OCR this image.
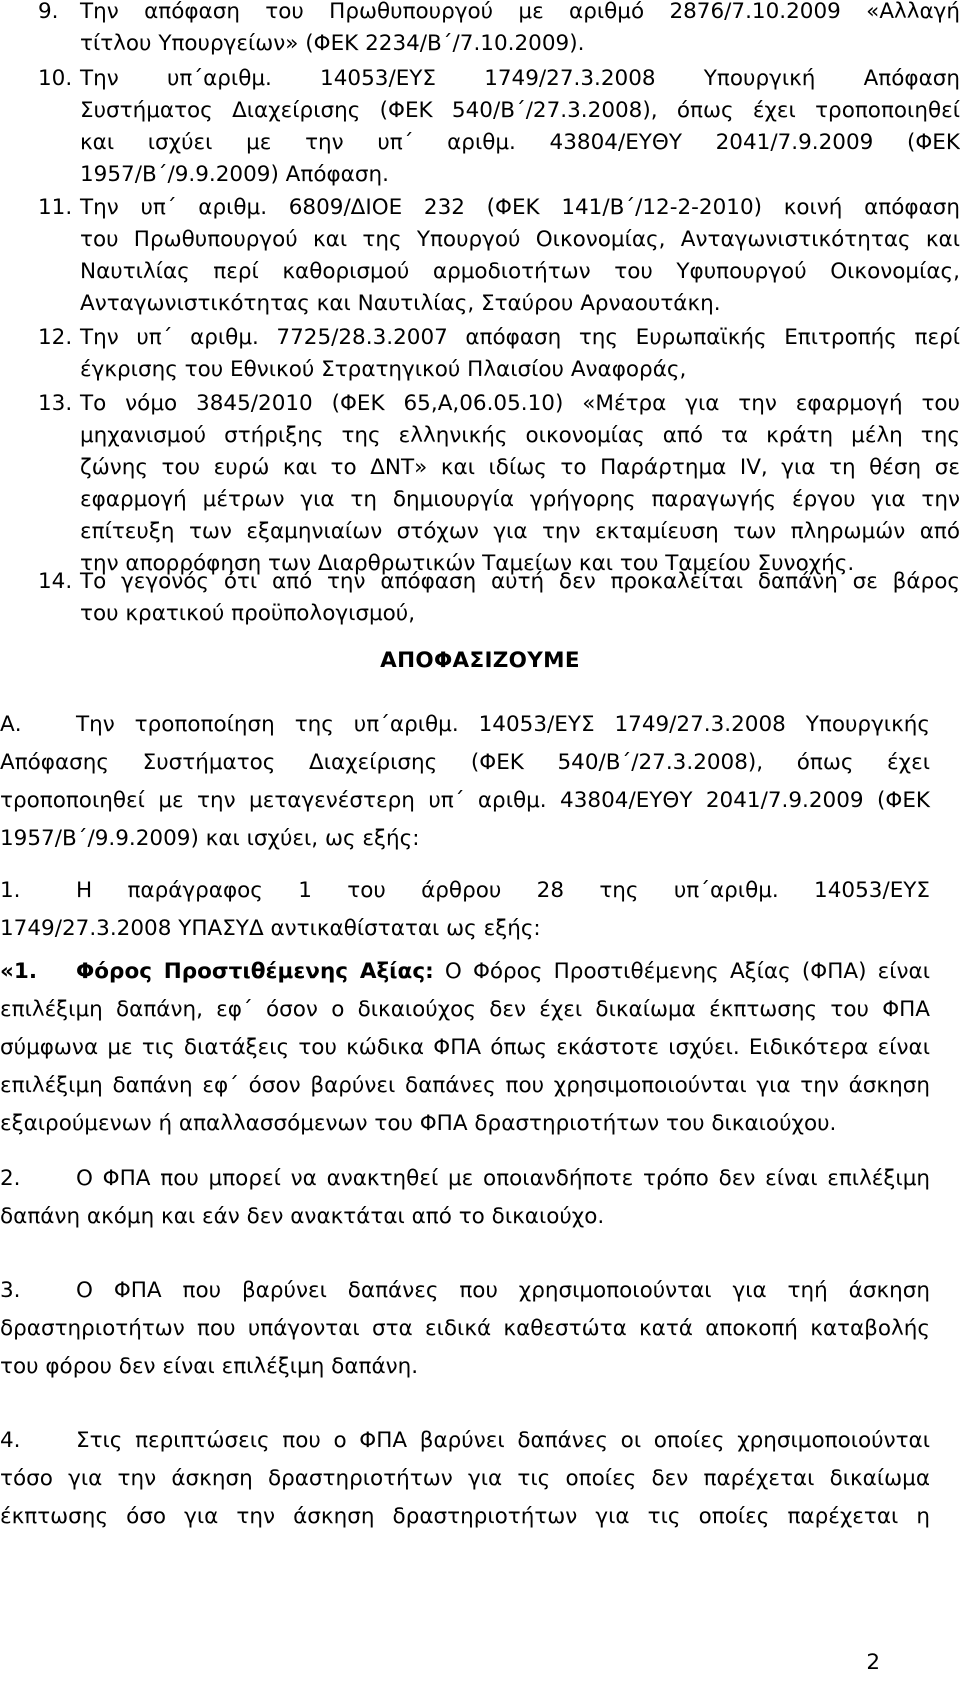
9. Την απόφαση του Πρωθυπουργού με αριθμό 2876/7.10.2009 «Αλλαγή
τίτλου Υπουργείων» (ΦΕΚ 2234/Β΄/7.10.2009).
10. Την υπ΄αριθμ. 14053/ΕΥΣ 1749/27.3.2008 Υπουργική Απόφαση
Συστήματος Διαχείρισης (ΦΕΚ 540/Β΄/27.3.2008), όπως έχει τροποποιηθεί
και ισχύει με την υπ΄ αριθμ. 43804/ΕΥΘΥ 2041/7.9.2009 (ΦΕΚ
1957/Β΄/9.9.2009) Απόφαση.
11. Την υπ΄ αριθμ. 6809/ΔΙΟΕ 232 (ΦΕΚ 141/Β΄/12-2-2010) κοινή απόφαση
του Πρωθυπουργού και της Υπουργού Οικονομίας, Ανταγωνιστικότητας και
Ναυτιλίας περί καθορισμού αρμοδιοτήτων του Υφυπουργού Οικονομίας,
Ανταγωνιστικότητας και Ναυτιλίας, Σταύρου Αρναουτάκη.
12. Την υπ΄ αριθμ. 7725/28.3.2007 απόφαση της Ευρωπαϊκής Επιτροπής περί
έγκρισης του Εθνικού Στρατηγικού Πλαισίου Αναφοράς,
13. Το νόμο 3845/2010 (ΦΕΚ 65,Α,06.05.10) «Μέτρα για την εφαρμογή του
μηχανισμού στήριξης της ελληνικής οικονομίας από τα κράτη μέλη της
ζώνης του ευρώ και το ΔΝΤ» και ιδίως το Παράρτημα IV, για τη θέση σε
εφαρμογή μέτρων για τη δημιουργία γρήγορης παραγωγής έργου για την
επίτευξη των εξαμηνιαίων στόχων για την εκταμίευση των πληρωμών από
την απορρόφηση των Διαρθρωτικών Ταμείων και του Ταμείου Συνοχής.
14. Το γεγονός ότι από την απόφαση αυτή δεν προκαλείται δαπάνη σε βάρος
του κρατικού προϋπολογισμού,
ΑΠΟΦΑΣΙΖΟΥΜΕ
Α.	Την τροποποίηση της υπ΄αριθμ. 14053/ΕΥΣ 1749/27.3.2008 Υπουργικής
Απόφασης Συστήματος Διαχείρισης (ΦΕΚ 540/Β΄/27.3.2008), όπως έχει
τροποποιηθεί με την μεταγενέστερη υπ΄ αριθμ. 43804/ΕΥΘΥ 2041/7.9.2009 (ΦΕΚ
1957/Β΄/9.9.2009) και ισχύει, ως εξής:
1.	Η παράγραφος 1 του άρθρου 28 της υπ΄αριθμ. 14053/ΕΥΣ
1749/27.3.2008 ΥΠΑΣΥΔ αντικαθίσταται ως εξής:
«1. Φόρος Προστιθέμενης Αξίας: Ο Φόρος Προστιθέμενης Αξίας (ΦΠΑ) είναι
επιλέξιμη δαπάνη, εφ΄ όσον ο δικαιούχος δεν έχει δικαίωμα έκπτωσης του ΦΠΑ
σύμφωνα με τις διατάξεις του κώδικα ΦΠΑ όπως εκάστοτε ισχύει. Ειδικότερα είναι
επιλέξιμη δαπάνη εφ΄ όσον βαρύνει δαπάνες που χρησιμοποιούνται για την άσκηση
εξαιρούμενων ή απαλλασσόμενων του ΦΠΑ δραστηριοτήτων του δικαιούχου.
2.	Ο ΦΠΑ που μπορεί να ανακτηθεί με οποιανδήποτε τρόπο δεν είναι επιλέξιμη
δαπάνη ακόμη και εάν δεν ανακτάται από το δικαιούχο.
3.	Ο ΦΠΑ που βαρύνει δαπάνες που χρησιμοποιούνται για τηή άσκηση
δραστηριοτήτων που υπάγονται στα ειδικά καθεστώτα κατά αποκοπή καταβολής
του φόρου δεν είναι επιλέξιμη δαπάνη.
4.	Στις περιπτώσεις που ο ΦΠΑ βαρύνει δαπάνες οι οποίες χρησιμοποιούνται
τόσο για την άσκηση δραστηριοτήτων για τις οποίες δεν παρέχεται δικαίωμα
έκπτωσης όσο για την άσκηση δραστηριοτήτων για τις οποίες παρέχεται η
2
